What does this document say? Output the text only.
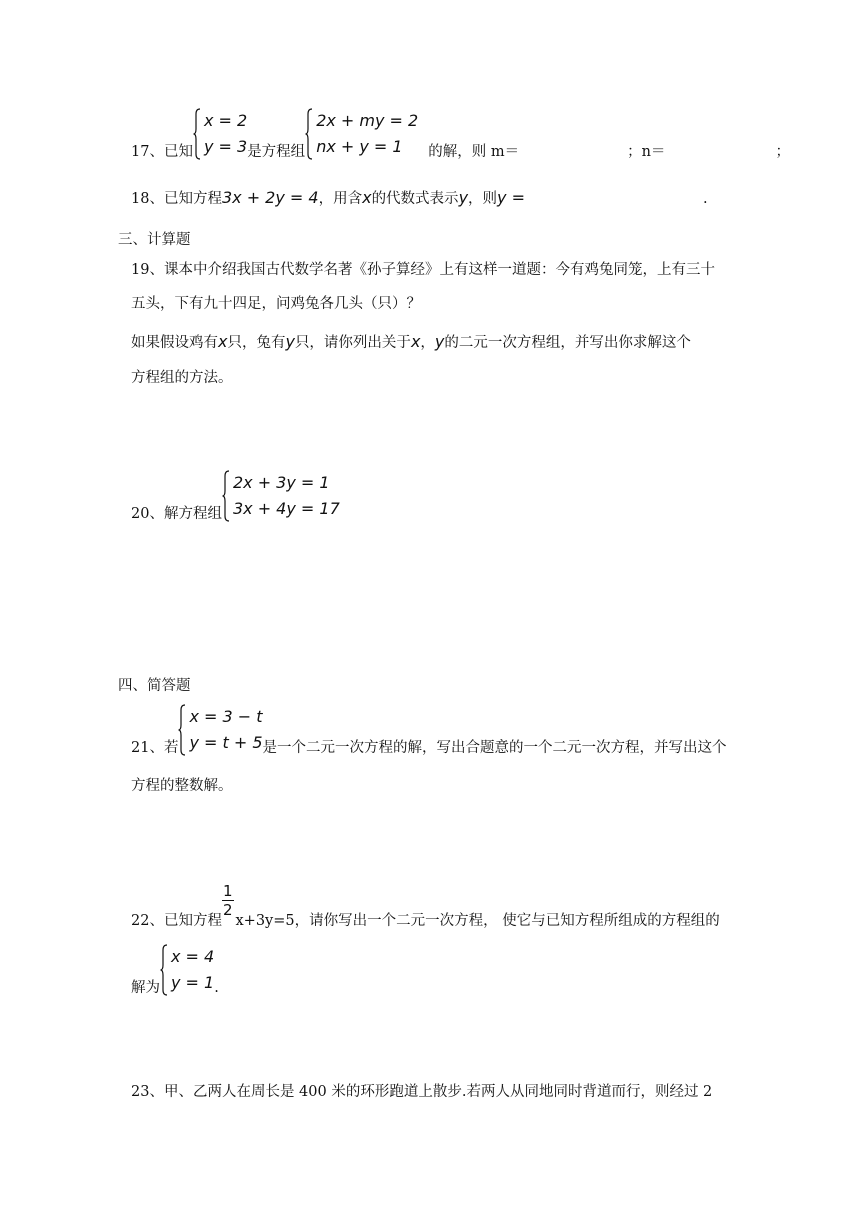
17、已知
x = 2
y = 3 是方程组
2x + my = 2
nx + y = 1	的解，则 m＝	；n＝	；
18、已知方程3x + 2y = 4，用含x的代数式表示y，则y =	.
三、计算题
19、课本中介绍我国古代数学名著《孙子算经》上有这样一道题：今有鸡兔同笼，上有三十
五头，下有九十四足，问鸡兔各几头（只）？
如果假设鸡有x只，兔有y只，请你列出关于x，y的二元一次方程组，并写出你求解这个
方程组的方法。
20、解方程组
2x + 3y = 1
3x + 4y = 17
四、简答题
21、若
x = 3 − t
y = t + 5 是一个二元一次方程的解，写出合题意的一个二元一次方程，并写出这个
方程的整数解。
22、已知方程
$\frac{1}{2}$
x+3y=5，请你写出一个二元一次方程， 使它与已知方程所组成的方程组的
解为
x = 4
y = 1 .
23、甲、乙两人在周长是 400 米的环形跑道上散步.若两人从同地同时背道而行，则经过 2
